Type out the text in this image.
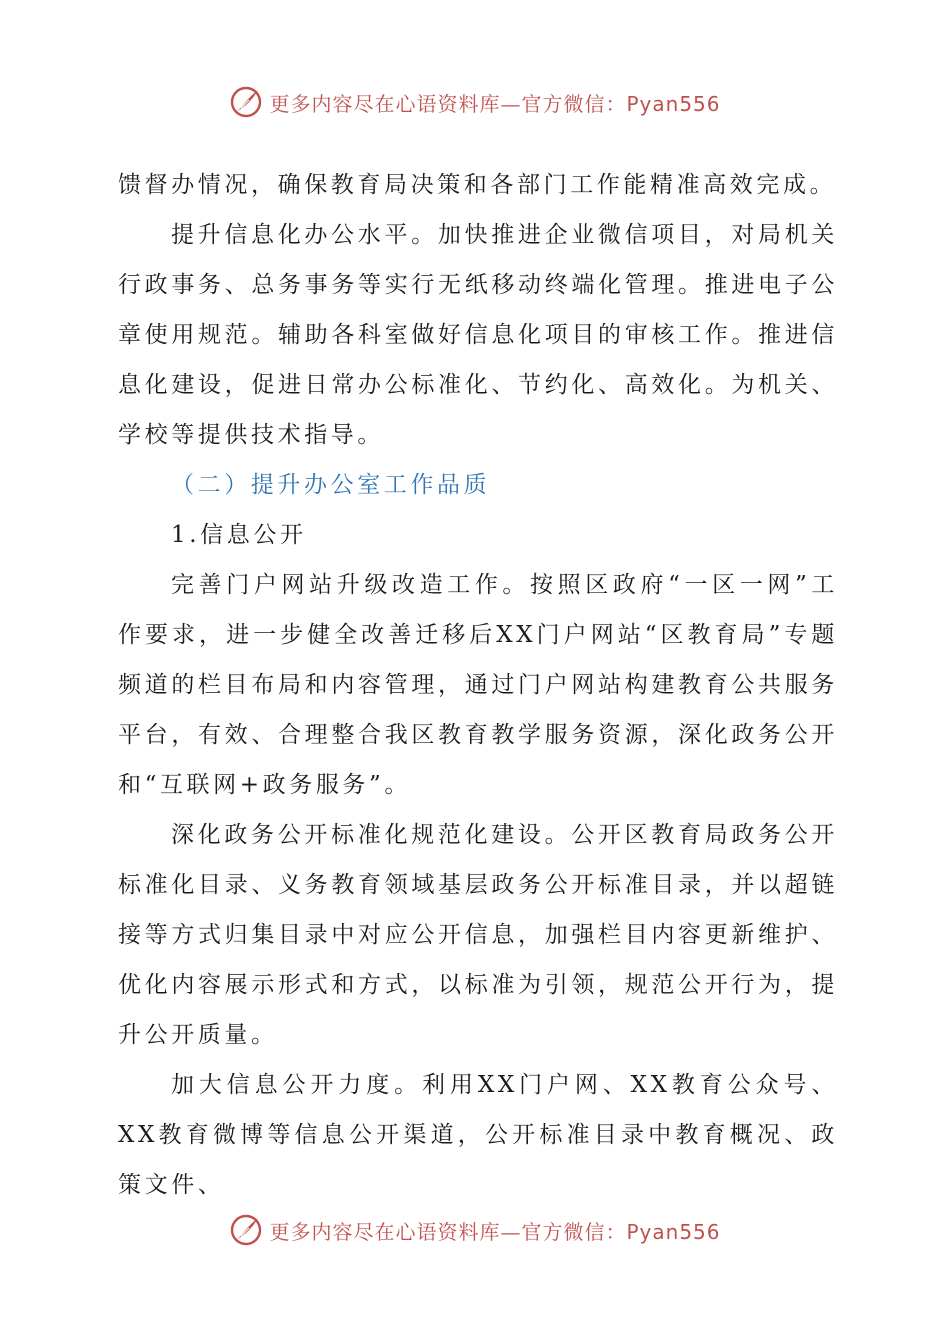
更多内容尽在心语资料库—官方微信：Pyan556

馈督办情况，确保教育局决策和各部门工作能精准高效完成。

提升信息化办公水平。加快推进企业微信项目，对局机关行政事务、总务事务等实行无纸移动终端化管理。推进电子公章使用规范。辅助各科室做好信息化项目的审核工作。推进信息化建设，促进日常办公标准化、节约化、高效化。为机关、学校等提供技术指导。

（二）提升办公室工作品质

1.信息公开

完善门户网站升级改造工作。按照区政府“一区一网”工作要求，进一步健全改善迁移后XX门户网站“区教育局”专题频道的栏目布局和内容管理，通过门户网站构建教育公共服务平台，有效、合理整合我区教育教学服务资源，深化政务公开和“互联网+政务服务”。

深化政务公开标准化规范化建设。公开区教育局政务公开标准化目录、义务教育领域基层政务公开标准目录，并以超链接等方式归集目录中对应公开信息，加强栏目内容更新维护、优化内容展示形式和方式，以标准为引领，规范公开行为，提升公开质量。

加大信息公开力度。利用XX门户网、XX教育公众号、XX教育微博等信息公开渠道，公开标准目录中教育概况、政策文件、

更多内容尽在心语资料库—官方微信：Pyan556
